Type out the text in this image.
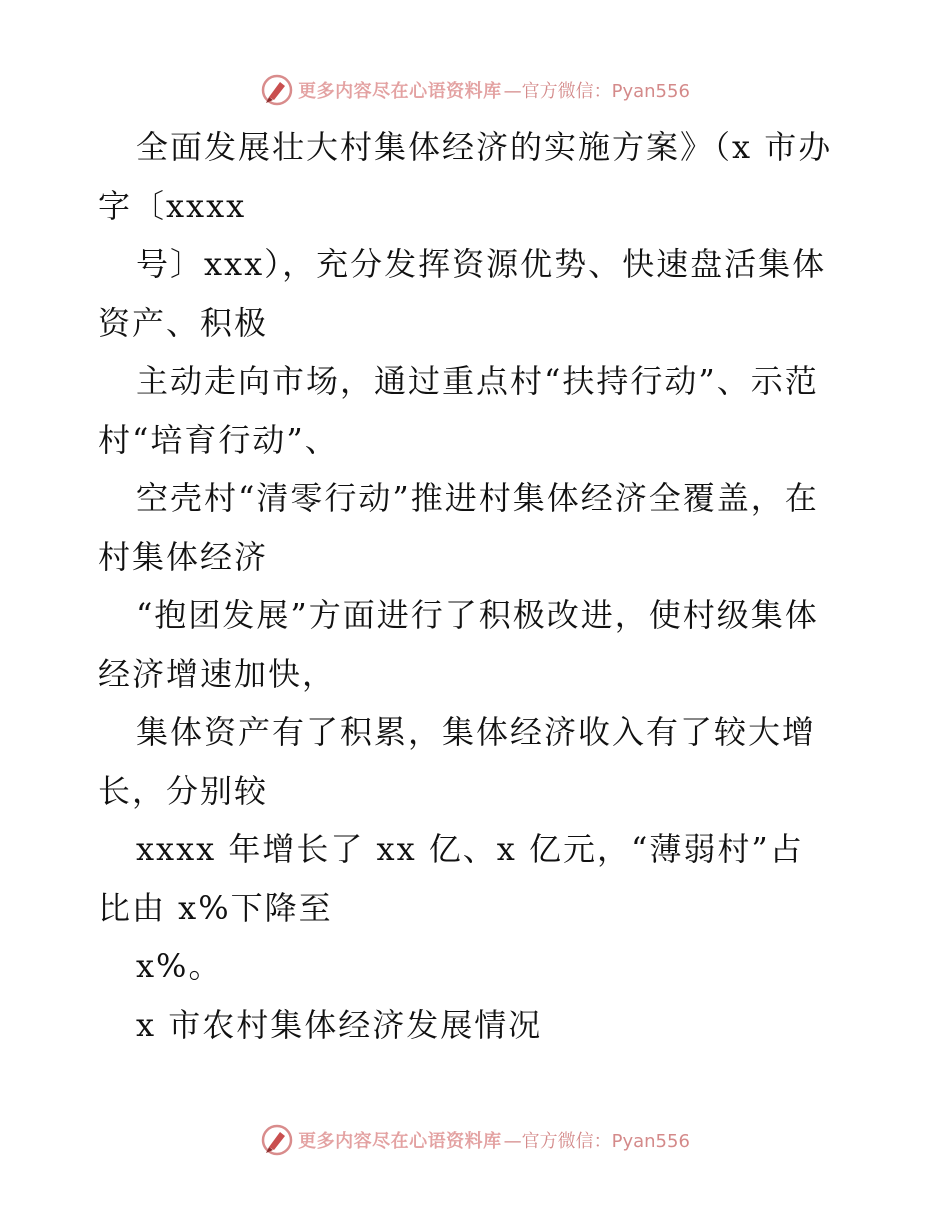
更多内容尽在心语资料库 —官方微信：Pyan556
全面发展壮大村集体经济的实施方案》（x 市办
字〔xxxx
号〕xxx），充分发挥资源优势、快速盘活集体
资产、积极
主动走向市场，通过重点村“扶持行动”、示范
村“培育行动”、
空壳村“清零行动”推进村集体经济全覆盖，在
村集体经济
“抱团发展”方面进行了积极改进，使村级集体
经济增速加快，
集体资产有了积累，集体经济收入有了较大增
长，分别较
xxxx 年增长了 xx 亿、x 亿元，“薄弱村”占
比由 x%下降至
x%。
x 市农村集体经济发展情况
更多内容尽在心语资料库 —官方微信：Pyan556
